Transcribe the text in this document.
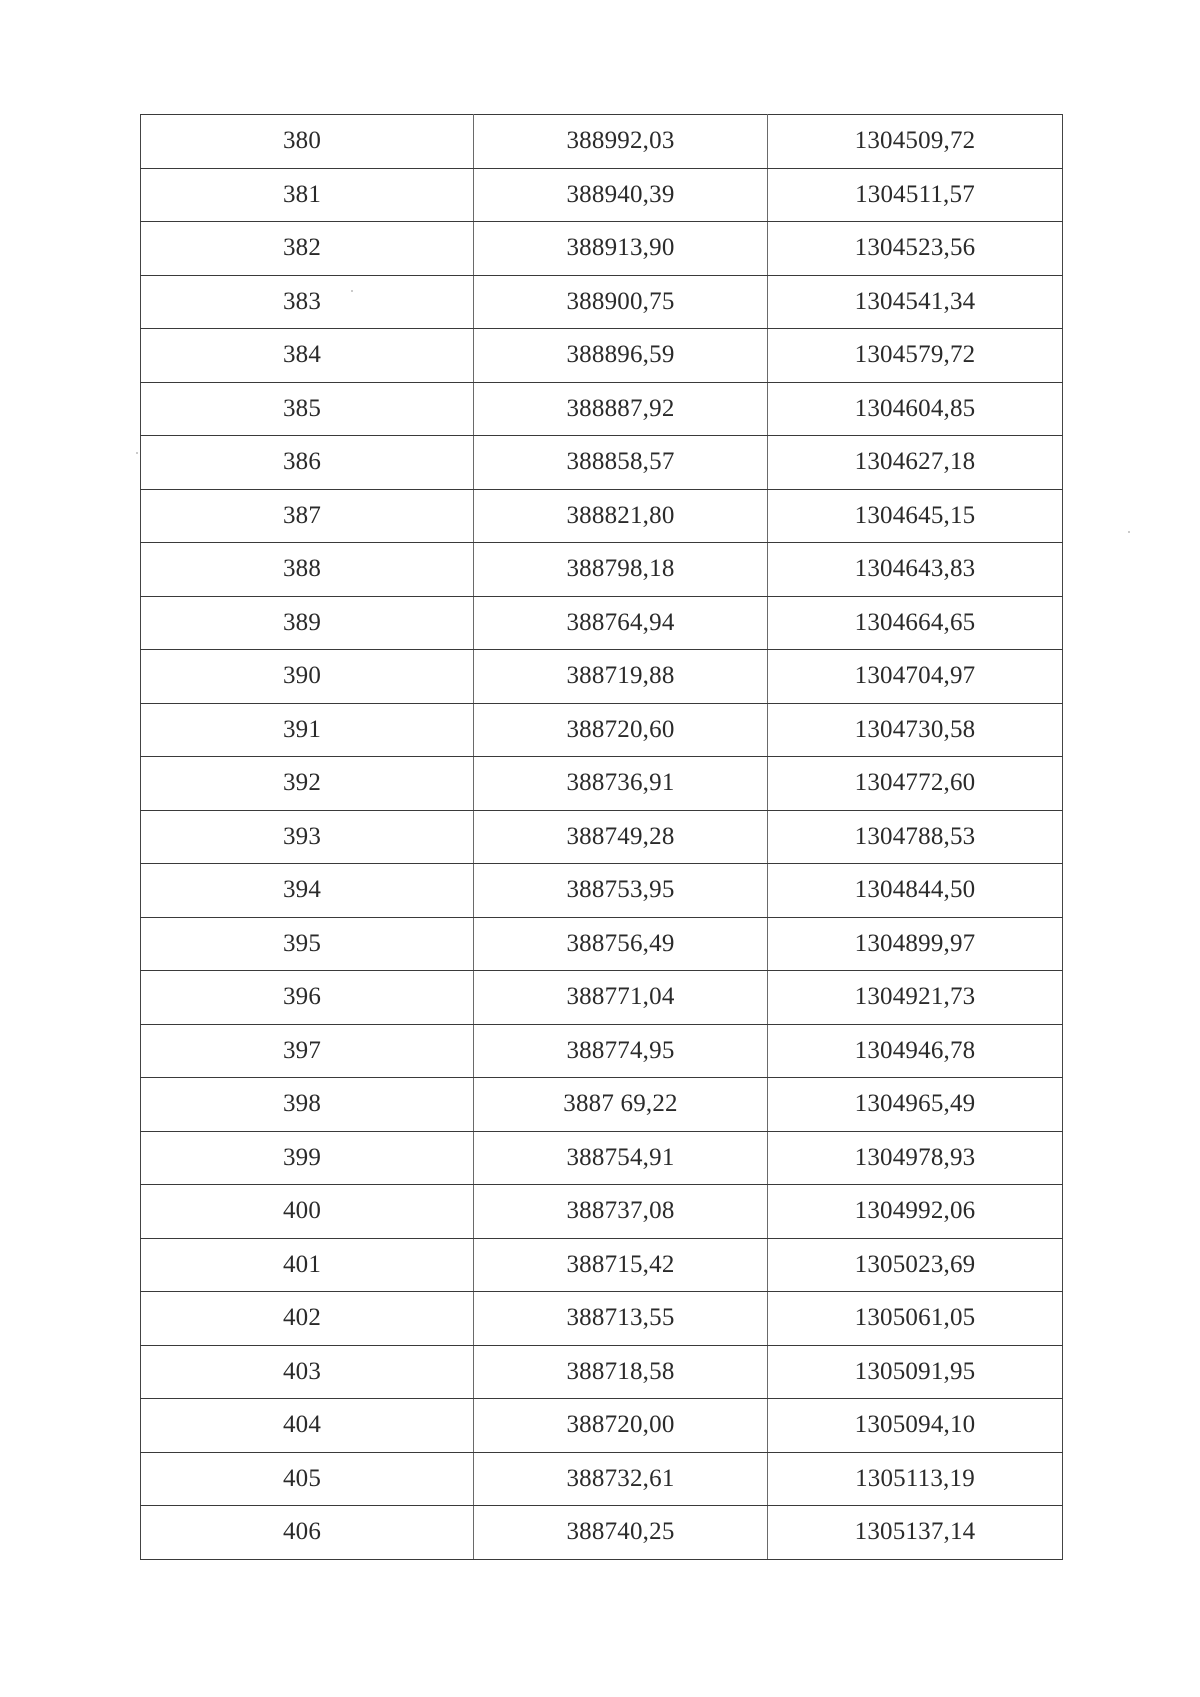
380	388992,03	1304509,72
381	388940,39	1304511,57
382	388913,90	1304523,56
383	388900,75	1304541,34
384	388896,59	1304579,72
385	388887,92	1304604,85
386	388858,57	1304627,18
387	388821,80	1304645,15
388	388798,18	1304643,83
389	388764,94	1304664,65
390	388719,88	1304704,97
391	388720,60	1304730,58
392	388736,91	1304772,60
393	388749,28	1304788,53
394	388753,95	1304844,50
395	388756,49	1304899,97
396	388771,04	1304921,73
397	388774,95	1304946,78
398	3887 69,22	1304965,49
399	388754,91	1304978,93
400	388737,08	1304992,06
401	388715,42	1305023,69
402	388713,55	1305061,05
403	388718,58	1305091,95
404	388720,00	1305094,10
405	388732,61	1305113,19
406	388740,25	1305137,14
